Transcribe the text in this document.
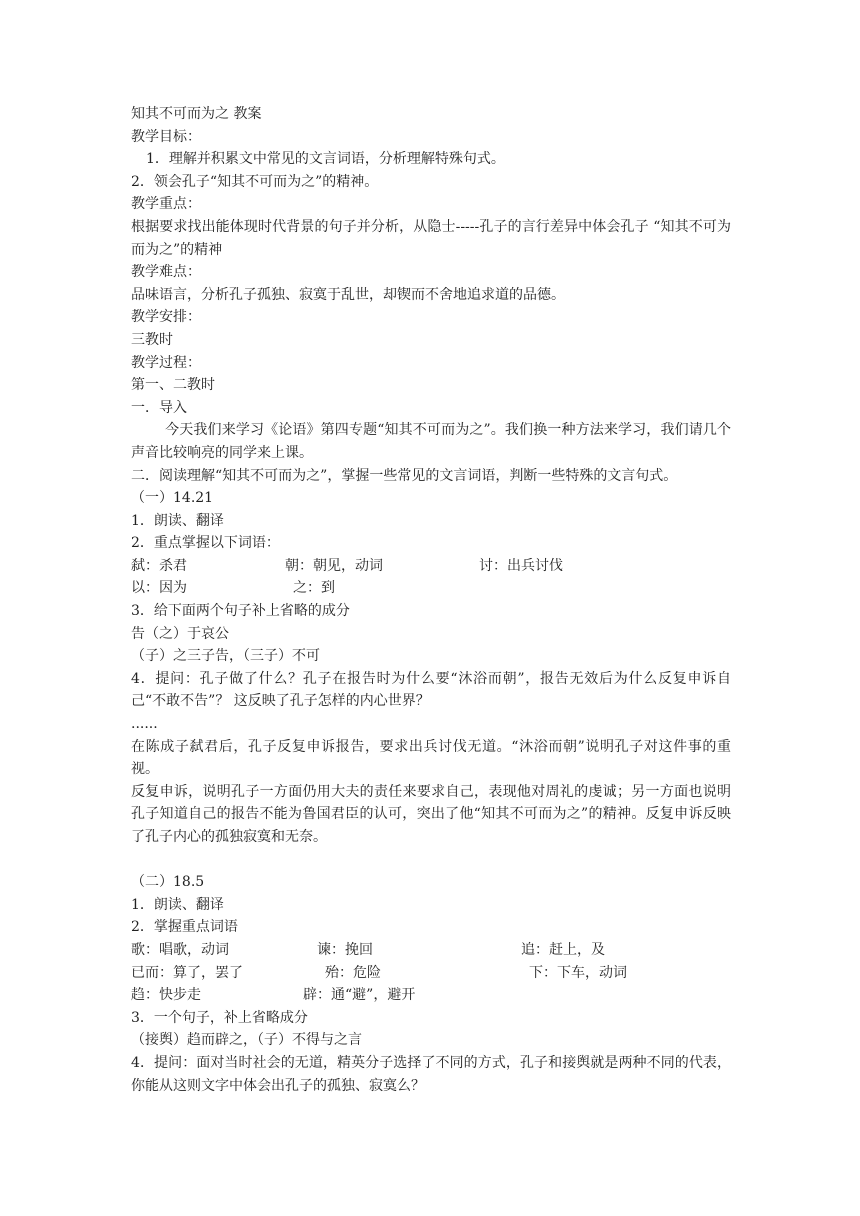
知其不可而为之 教案
教学目标：
1．理解并积累文中常见的文言词语，分析理解特殊句式。
2．领会孔子“知其不可而为之”的精神。
教学重点：
根据要求找出能体现时代背景的句子并分析，从隐士-----孔子的言行差异中体会孔子 “知其不可为而为之”的精神
教学难点：
品味语言，分析孔子孤独、寂寞于乱世，却锲而不舍地追求道的品德。
教学安排：
三教时
教学过程：
第一、二教时
一．导入
今天我们来学习《论语》第四专题“知其不可而为之”。我们换一种方法来学习，我们请几个声音比较响亮的同学来上课。
二．阅读理解“知其不可而为之”，掌握一些常见的文言词语，判断一些特殊的文言句式。
（一）14.21
1．朗读、翻译
2．重点掌握以下词语：
弑：杀君	朝：朝见，动词	讨：出兵讨伐
以：因为	之：到
3．给下面两个句子补上省略的成分
告（之）于哀公
（子）之三子告，（三子）不可
4．提问：孔子做了什么？孔子在报告时为什么要“沐浴而朝”，报告无效后为什么反复申诉自己“不敢不告”？ 这反映了孔子怎样的内心世界？
......
在陈成子弑君后，孔子反复申诉报告，要求出兵讨伐无道。“沐浴而朝”说明孔子对这件事的重视。
反复申诉，说明孔子一方面仍用大夫的责任来要求自己，表现他对周礼的虔诚；另一方面也说明孔子知道自己的报告不能为鲁国君臣的认可，突出了他“知其不可而为之”的精神。反复申诉反映了孔子内心的孤独寂寞和无奈。
（二）18.5
1．朗读、翻译
2．掌握重点词语
歌：唱歌，动词	谏：挽回	追：赶上，及
已而：算了，罢了	殆：危险	下：下车，动词
趋：快步走	辟：通“避”，避开
3．一个句子，补上省略成分
（接舆）趋而辟之，（子）不得与之言
4．提问：面对当时社会的无道，精英分子选择了不同的方式，孔子和接舆就是两种不同的代表，你能从这则文字中体会出孔子的孤独、寂寞么？
